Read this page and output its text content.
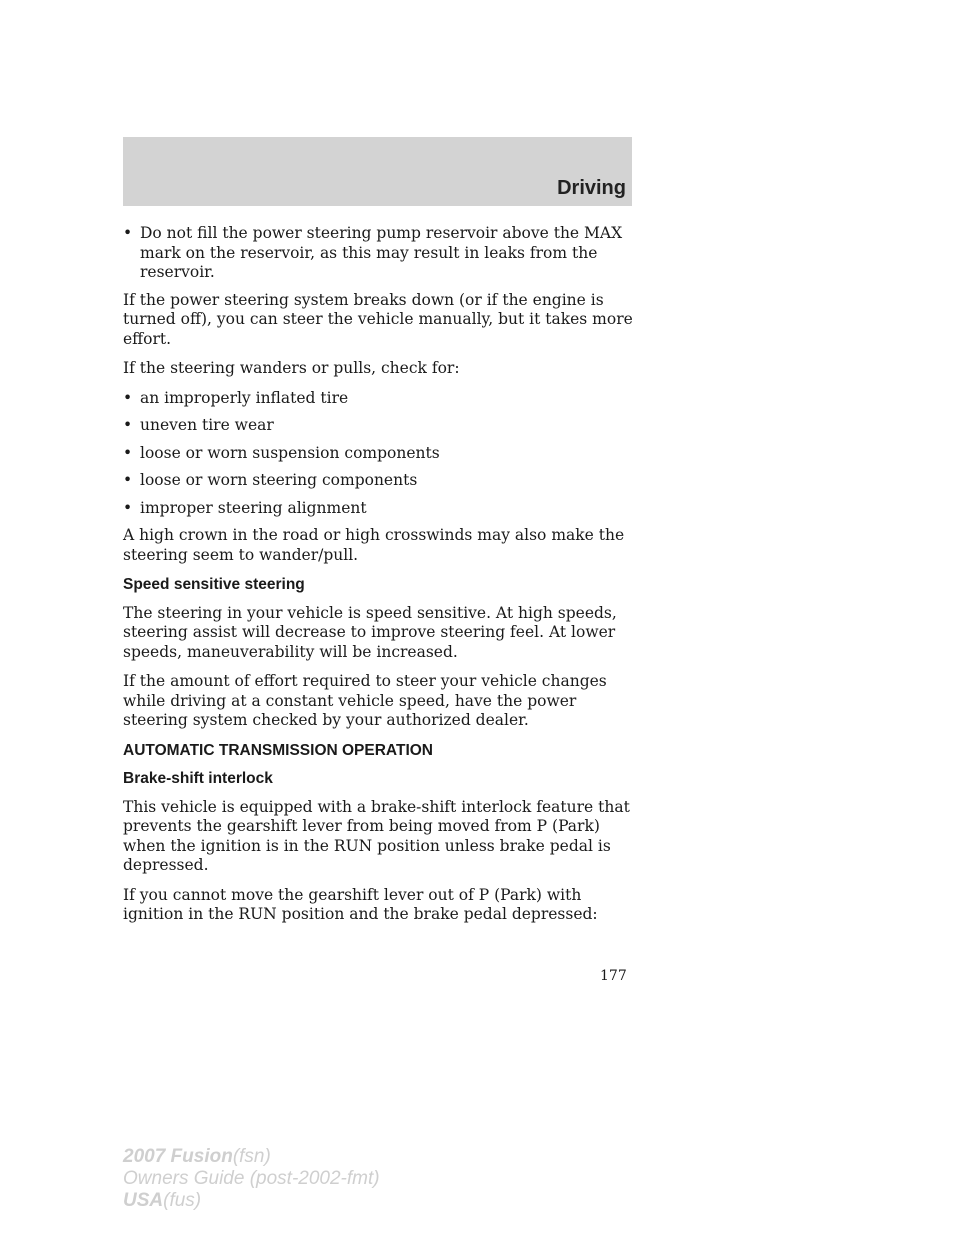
Driving
• Do not fill the power steering pump reservoir above the MAX mark on the reservoir, as this may result in leaks from the reservoir.

If the power steering system breaks down (or if the engine is turned off), you can steer the vehicle manually, but it takes more effort.

If the steering wanders or pulls, check for:

• an improperly inflated tire
• uneven tire wear
• loose or worn suspension components
• loose or worn steering components
• improper steering alignment

A high crown in the road or high crosswinds may also make the steering seem to wander/pull.

Speed sensitive steering

The steering in your vehicle is speed sensitive. At high speeds, steering assist will decrease to improve steering feel. At lower speeds, maneuverability will be increased.

If the amount of effort required to steer your vehicle changes while driving at a constant vehicle speed, have the power steering system checked by your authorized dealer.

AUTOMATIC TRANSMISSION OPERATION
Brake-shift interlock

This vehicle is equipped with a brake-shift interlock feature that prevents the gearshift lever from being moved from P (Park) when the ignition is in the RUN position unless brake pedal is depressed.

If you cannot move the gearshift lever out of P (Park) with ignition in the RUN position and the brake pedal depressed:

177
2007 Fusion(fsn)
Owners Guide (post-2002-fmt)
USA(fus)
